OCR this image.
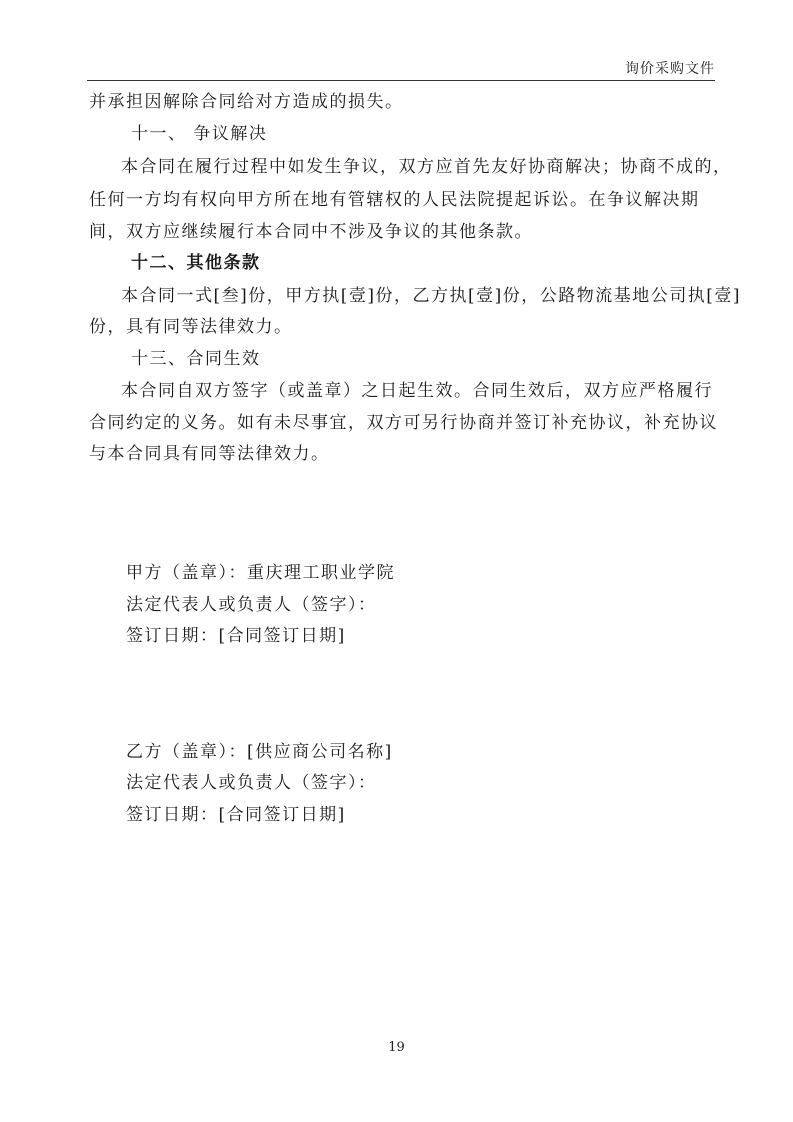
询价采购文件
并承担因解除合同给对方造成的损失。
十一、 争议解决
本合同在履行过程中如发生争议，双方应首先友好协商解决；协商不成的，
任何一方均有权向甲方所在地有管辖权的人民法院提起诉讼。在争议解决期
间，双方应继续履行本合同中不涉及争议的其他条款。
十二、其他条款
本合同一式[叁]份，甲方执[壹]份，乙方执[壹]份，公路物流基地公司执[壹]
份，具有同等法律效力。
十三、合同生效
本合同自双方签字（或盖章）之日起生效。合同生效后，双方应严格履行
合同约定的义务。如有未尽事宜，双方可另行协商并签订补充协议，补充协议
与本合同具有同等法律效力。
甲方（盖章）：重庆理工职业学院
法定代表人或负责人（签字）：
签订日期：[合同签订日期]
乙方（盖章）：[供应商公司名称]
法定代表人或负责人（签字）：
签订日期：[合同签订日期]
19
